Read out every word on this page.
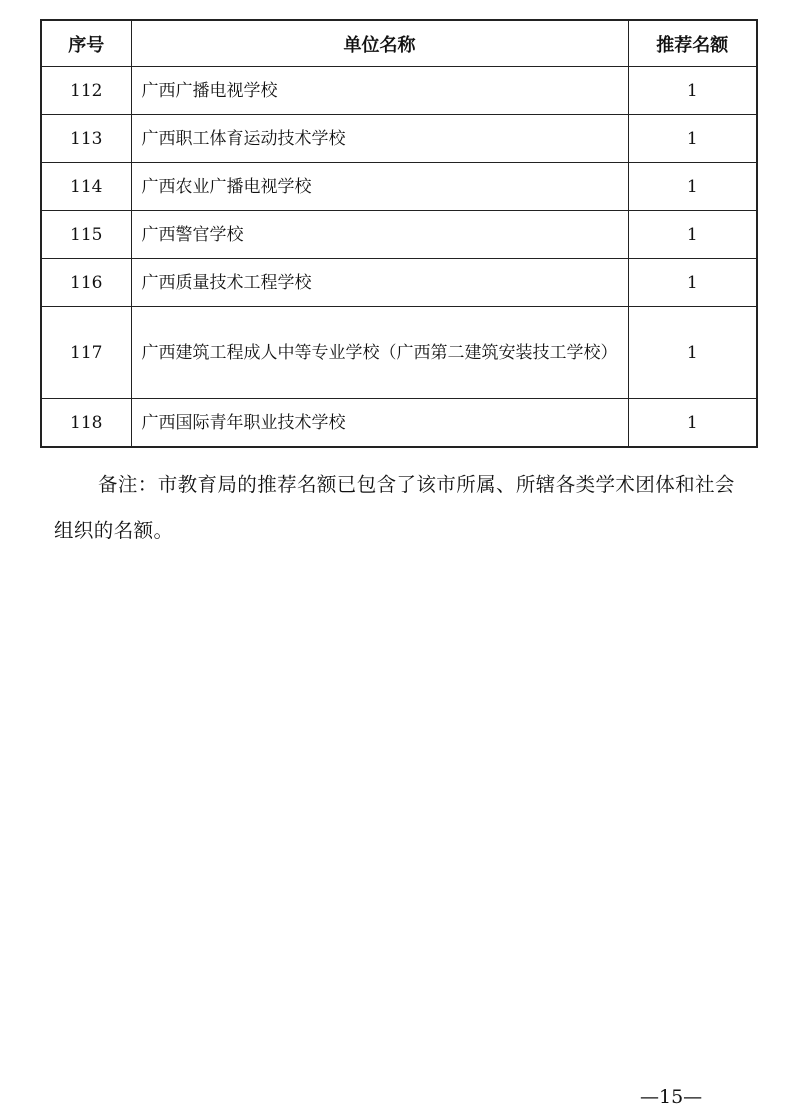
序号	单位名称	推荐名额
112	广西广播电视学校	1
113	广西职工体育运动技术学校	1
114	广西农业广播电视学校	1
115	广西警官学校	1
116	广西质量技术工程学校	1
117	广西建筑工程成人中等专业学校（广西第二建筑安装技工学校）	1
118	广西国际青年职业技术学校	1

备注：市教育局的推荐名额已包含了该市所属、所辖各类学术团体和社会组织的名额。

—15—
